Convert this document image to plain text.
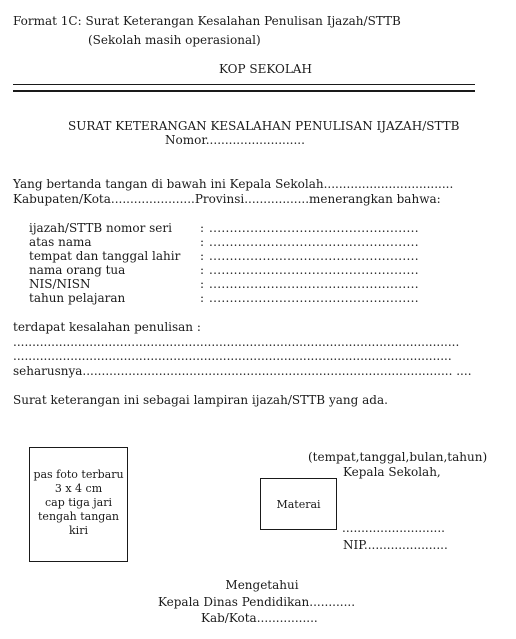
Format 1C: Surat Keterangan Kesalahan Penulisan Ijazah/STTB
(Sekolah masih operasional)
KOP SEKOLAH
SURAT KETERANGAN KESALAHAN PENULISAN IJAZAH/STTB
Nomor..........................
Yang bertanda tangan di bawah ini Kepala Sekolah..................................
Kabupaten/Kota......................Provinsi.................menerangkan bahwa:
ijazah/STTB nomor seri : ...................................................
atas nama	: ...................................................
tempat dan tanggal lahir : ...................................................
nama orang tua	: ...................................................
NIS/NISN	: ...................................................
tahun pelajaran	: ...................................................
terdapat kesalahan penulisan :
.....................................................................................................................
...................................................................................................................
seharusnya................................................................................................. ....
Surat keterangan ini sebagai lampiran ijazah/STTB yang ada.
pas foto terbaru
3 x 4 cm
cap tiga jari
tengah tangan
kiri
(tempat,tanggal,bulan,tahun)
Kepala Sekolah,
Materai
...........................
NIP......................
Mengetahui
Kepala Dinas Pendidikan............
Kab/Kota................
